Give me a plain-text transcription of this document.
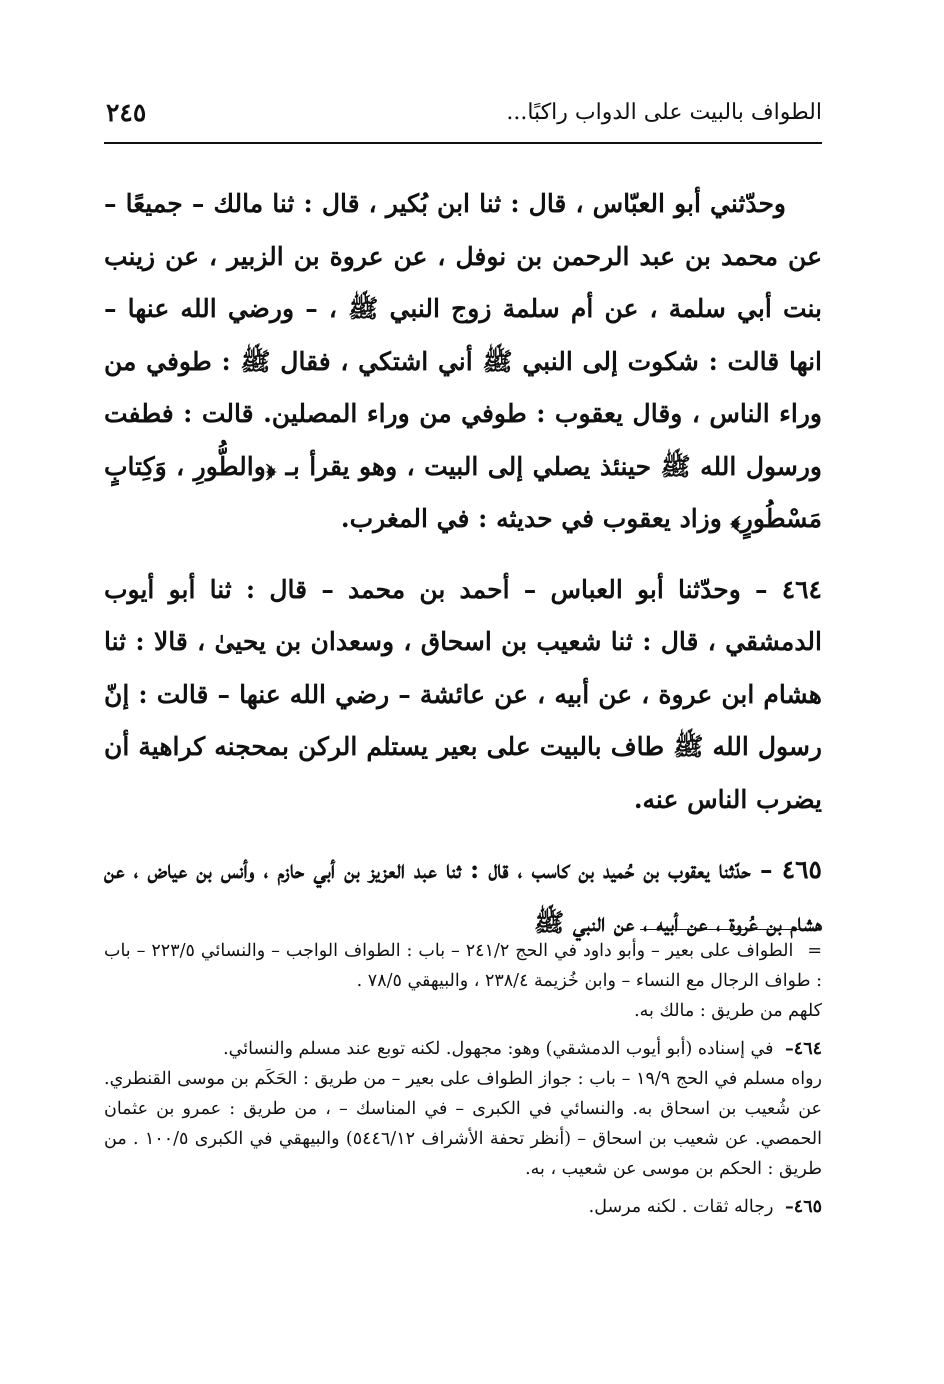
الطواف بالبيت على الدواب راكبًا...
٢٤٥

وحدّثني أبو العبّاس ، قال : ثنا ابن بُكير ، قال : ثنا مالك – جميعًا – عن محمد بن عبد الرحمن بن نوفل ، عن عروة بن الزبير ، عن زينب بنت أبي سلمة ، عن أم سلمة زوج النبي ﷺ ، – ورضي الله عنها – انها قالت : شكوت إلى النبي ﷺ أني اشتكي ، فقال ﷺ : طوفي من وراء الناس ، وقال يعقوب : طوفي من وراء المصلين. قالت : فطفت ورسول الله ﷺ حينئذ يصلي إلى البيت ، وهو يقرأ بـ ﴿والطُّورِ ، وَكِتابٍ مَسْطُورٍ﴾ وزاد يعقوب في حديثه : في المغرب.

٤٦٤ – وحدّثنا أبو العباس – أحمد بن محمد – قال : ثنا أبو أيوب الدمشقي ، قال : ثنا شعيب بن اسحاق ، وسعدان بن يحيىٰ ، قالا : ثنا هشام ابن عروة ، عن أبيه ، عن عائشة – رضي الله عنها – قالت : إنّ رسول الله ﷺ طاف بالبيت على بعير يستلم الركن بمحجنه كراهية أن يضرب الناس عنه.

٤٦٥ – حدّثنا يعقوب بن حُميد بن كاسب ، قال : ثنا عبد العزيز بن أبي حازم ، وأنس بن عياض ، عن هشام بن عُروة ، عن أبيه ، عن النبي ﷺ

= الطواف على بعير – وأبو داود في الحج ٢٤١/٢ – باب : الطواف الواجب – والنسائي ٢٢٣/٥ – باب : طواف الرجال مع النساء – وابن خُزيمة ٢٣٨/٤ ، والبيهقي ٧٨/٥ .
كلهم من طريق : مالك به.
٤٦٤– في إسناده (أبو أيوب الدمشقي) وهو: مجهول. لكنه توبع عند مسلم والنسائي.
رواه مسلم في الحج ١٩/٩ – باب : جواز الطواف على بعير – من طريق : الحَكَم بن موسى القنطري. عن شُعيب بن اسحاق به. والنسائي في الكبرى – في المناسك – ، من طريق : عمرو بن عثمان الحمصي. عن شعيب بن اسحاق – (أنظر تحفة الأشراف ٥٤٤٦/١٢) والبيهقي في الكبرى ١٠٠/٥ . من طريق : الحكم بن موسى عن شعيب ، به.
٤٦٥– رجاله ثقات . لكنه مرسل.
